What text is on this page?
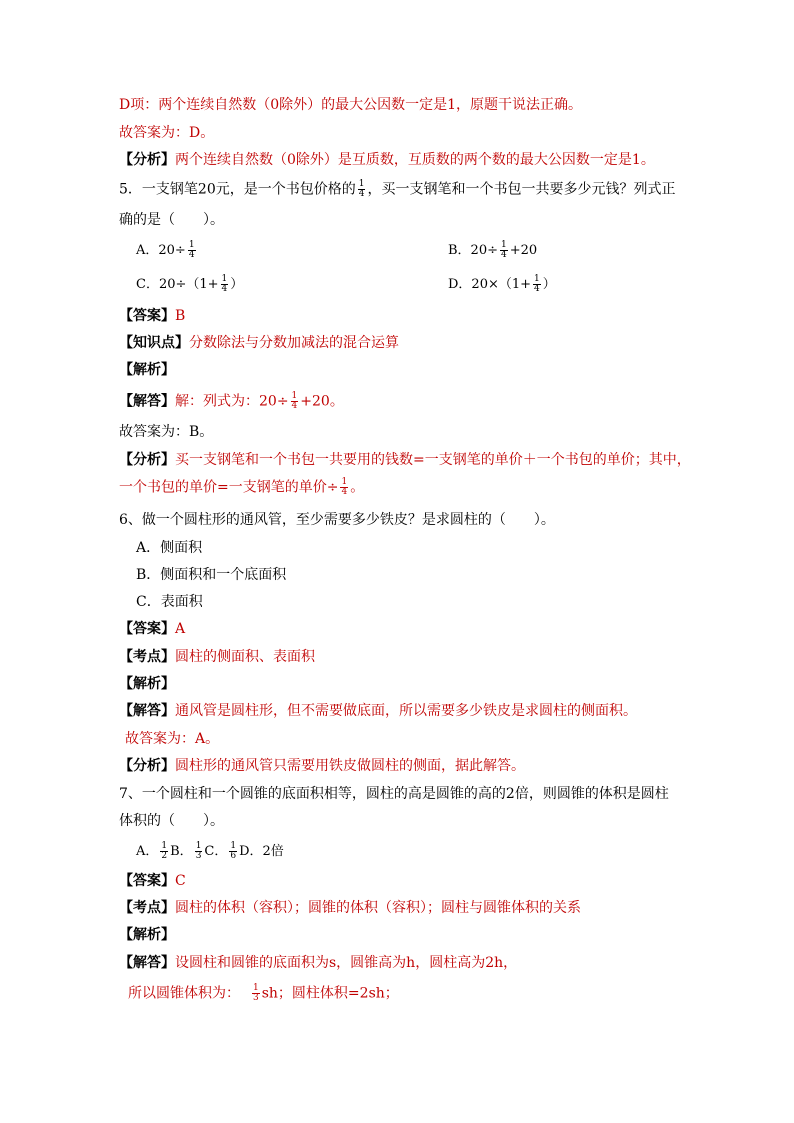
D项：两个连续自然数（0除外）的最大公因数一定是1，原题干说法正确。
故答案为：D。
【分析】两个连续自然数（0除外）是互质数，互质数的两个数的最大公因数一定是1。
5．一支钢笔20元，是一个书包价格的 $\frac{1}{4}$ ，买一支钢笔和一个书包一共要多少元钱？列式正
确的是（　　）。
A．$20\div \frac{1}{4}$	B．$20\div \frac{1}{4} +20$
C．$20\div(1+ \frac{1}{4}$ ）	D．$20\times(1+ \frac{1}{4}$ ）
【答案】B
【知识点】分数除法与分数加减法的混合运算
【解析】
【解答】解：列式为：$20\div \frac{1}{4} +20$。
故答案为：B。
【分析】买一支钢笔和一个书包一共要用的钱数=一支钢笔的单价＋一个书包的单价；其中，
一个书包的单价=一支钢笔的单价÷ $\frac{1}{4}$ 。
6、做一个圆柱形的通风管，至少需要多少铁皮？是求圆柱的（　　）。
A．侧面积
B．侧面积和一个底面积
C．表面积
【答案】A
【考点】圆柱的侧面积、表面积
【解析】
【解答】通风管是圆柱形，但不需要做底面，所以需要多少铁皮是求圆柱的侧面积。
故答案为：A。
【分析】圆柱形的通风管只需要用铁皮做圆柱的侧面，据此解答。
7、一个圆柱和一个圆锥的底面积相等，圆柱的高是圆锥的高的2倍，则圆锥的体积是圆柱
体积的（　　）。
A． $\frac{1}{2}$ B． $\frac{1}{3}$ C． $\frac{1}{6}$ D．2倍
【答案】C
【考点】圆柱的体积（容积）；圆锥的体积（容积）；圆柱与圆锥体积的关系
【解析】
【解答】设圆柱和圆锥的底面积为s，圆锥高为h，圆柱高为2h，
所以圆锥体积为： $\frac{1}{3}$ sh；圆柱体积=2sh；
